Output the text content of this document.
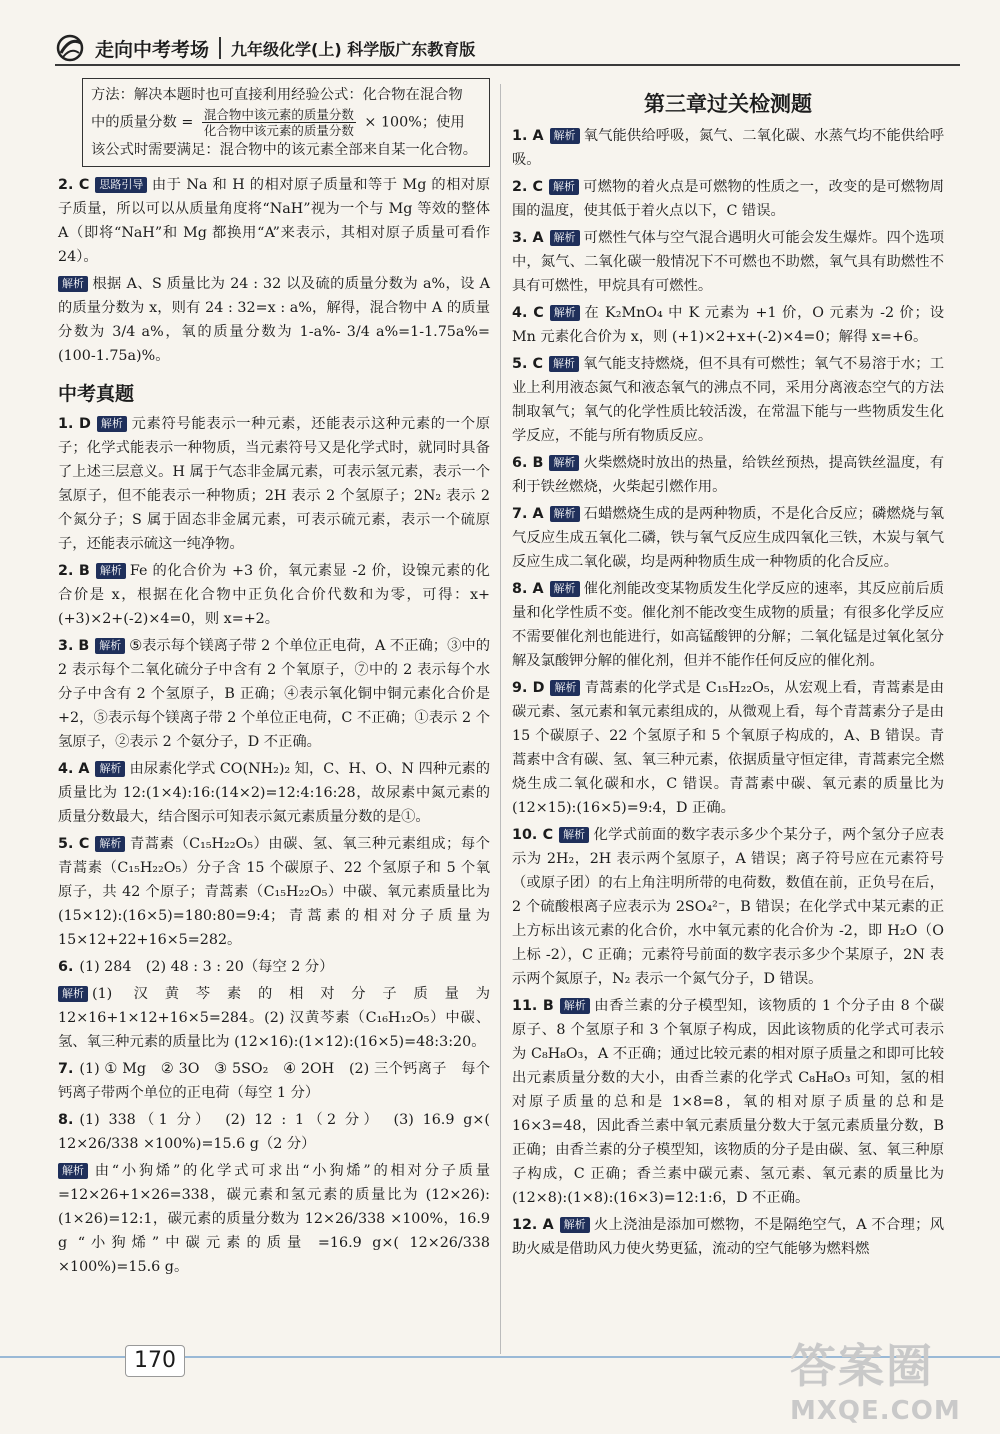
走向中考考场 九年级化学(上) 科学版广东教育版
方法：解决本题时也可直接利用经验公式：化合物在混合物
中的质量分数 = $\frac{\text{混合物中该元素的质量分数}}{\text{化合物中该元素的质量分数}} \times 100\%$；使用
该公式时需要满足：混合物中的该元素全部来自某一化合物。
2. C 思路引导 由于 Na 和 H 的相对原子质量和等于 Mg 的相对原子质量，所以可以从质量角度将“NaH”视为一个与 Mg 等效的整体 A（即将“NaH”和 Mg 都换用“A”来表示，其相对原子质量可看作 24）。
解析 根据 A、S 质量比为 24 : 32 以及硫的质量分数为 a%，设 A 的质量分数为 x，则有 24 : 32=x : a%，解得，混合物中 A 的质量分数为 3/4 a%，氧的质量分数为 1-a%- 3/4 a%=1-1.75a%=(100-1.75a)%。
中考真题
1. D 解析 元素符号能表示一种元素，还能表示这种元素的一个原子；化学式能表示一种物质，当元素符号又是化学式时，就同时具备了上述三层意义。H 属于气态非金属元素，可表示氢元素，表示一个氢原子，但不能表示一种物质；2H 表示 2 个氢原子；2N₂ 表示 2 个氮分子；S 属于固态非金属元素，可表示硫元素，表示一个硫原子，还能表示硫这一纯净物。
2. B 解析 Fe 的化合价为 +3 价，氧元素显 -2 价，设镍元素的化合价是 x，根据在化合物中正负化合价代数和为零，可得：x+(+3)×2+(-2)×4=0，则 x=+2。
3. B 解析 ⑤表示每个镁离子带 2 个单位正电荷，A 不正确；③中的 2 表示每个二氧化硫分子中含有 2 个氧原子，⑦中的 2 表示每个水分子中含有 2 个氢原子，B 正确；④表示氧化铜中铜元素化合价是 +2，⑤表示每个镁离子带 2 个单位正电荷，C 不正确；①表示 2 个氢原子，②表示 2 个氨分子，D 不正确。
4. A 解析 由尿素化学式 CO(NH₂)₂ 知，C、H、O、N 四种元素的质量比为 12:(1×4):16:(14×2)=12:4:16:28，故尿素中氮元素的质量分数最大，结合图示可知表示氮元素质量分数的是①。
5. C 解析 青蒿素（C₁₅H₂₂O₅）由碳、氢、氧三种元素组成；每个青蒿素（C₁₅H₂₂O₅）分子含 15 个碳原子、22 个氢原子和 5 个氧原子，共 42 个原子；青蒿素（C₁₅H₂₂O₅）中碳、氧元素质量比为 (15×12):(16×5)=180:80=9:4；青蒿素的相对分子质量为 15×12+22+16×5=282。
6. (1) 284　(2) 48 : 3 : 20（每空 2 分）
解析 (1) 汉黄芩素的相对分子质量为 12×16+1×12+16×5=284。(2) 汉黄芩素（C₁₆H₁₂O₅）中碳、氢、氧三种元素的质量比为 (12×16):(1×12):(16×5)=48:3:20。
7. (1) ① Mg　② 3O　③ 5SO₂　④ 2OH　(2) 三个钙离子　每个钙离子带两个单位的正电荷（每空 1 分）
8. (1) 338（1 分）　(2) 12 : 1（2 分）　(3) 16.9 g×( 12×26/338 ×100%)=15.6 g（2 分）
解析 由“小狗烯”的化学式可求出“小狗烯”的相对分子质量=12×26+1×26=338，碳元素和氢元素的质量比为 (12×26):(1×26)=12:1，碳元素的质量分数为 12×26/338 ×100%，16.9 g “小狗烯”中碳元素的质量 =16.9 g×( 12×26/338 ×100%)=15.6 g。
第三章过关检测题
1. A 解析 氧气能供给呼吸，氮气、二氧化碳、水蒸气均不能供给呼吸。
2. C 解析 可燃物的着火点是可燃物的性质之一，改变的是可燃物周围的温度，使其低于着火点以下，C 错误。
3. A 解析 可燃性气体与空气混合遇明火可能会发生爆炸。四个选项中，氮气、二氧化碳一般情况下不可燃也不助燃，氧气具有助燃性不具有可燃性，甲烷具有可燃性。
4. C 解析 在 K₂MnO₄ 中 K 元素为 +1 价，O 元素为 -2 价；设 Mn 元素化合价为 x，则 (+1)×2+x+(-2)×4=0；解得 x=+6。
5. C 解析 氧气能支持燃烧，但不具有可燃性；氧气不易溶于水；工业上利用液态氮气和液态氧气的沸点不同，采用分离液态空气的方法制取氧气；氧气的化学性质比较活泼，在常温下能与一些物质发生化学反应，不能与所有物质反应。
6. B 解析 火柴燃烧时放出的热量，给铁丝预热，提高铁丝温度，有利于铁丝燃烧，火柴起引燃作用。
7. A 解析 石蜡燃烧生成的是两种物质，不是化合反应；磷燃烧与氧气反应生成五氧化二磷，铁与氧气反应生成四氧化三铁，木炭与氧气反应生成二氧化碳，均是两种物质生成一种物质的化合反应。
8. A 解析 催化剂能改变某物质发生化学反应的速率，其反应前后质量和化学性质不变。催化剂不能改变生成物的质量；有很多化学反应不需要催化剂也能进行，如高锰酸钾的分解；二氧化锰是过氧化氢分解及氯酸钾分解的催化剂，但并不能作任何反应的催化剂。
9. D 解析 青蒿素的化学式是 C₁₅H₂₂O₅，从宏观上看，青蒿素是由碳元素、氢元素和氧元素组成的，从微观上看，每个青蒿素分子是由 15 个碳原子、22 个氢原子和 5 个氧原子构成的，A、B 错误。青蒿素中含有碳、氢、氧三种元素，依据质量守恒定律，青蒿素完全燃烧生成二氧化碳和水，C 错误。青蒿素中碳、氧元素的质量比为 (12×15):(16×5)=9:4，D 正确。
10. C 解析 化学式前面的数字表示多少个某分子，两个氢分子应表示为 2H₂，2H 表示两个氢原子，A 错误；离子符号应在元素符号（或原子团）的右上角注明所带的电荷数，数值在前，正负号在后，2 个硫酸根离子应表示为 2SO₄²⁻，B 错误；在化学式中某元素的正上方标出该元素的化合价，水中氧元素的化合价为 -2，即 H₂O（O 上标 -2），C 正确；元素符号前面的数字表示多少个某原子，2N 表示两个氮原子，N₂ 表示一个氮气分子，D 错误。
11. B 解析 由香兰素的分子模型知，该物质的 1 个分子由 8 个碳原子、8 个氢原子和 3 个氧原子构成，因此该物质的化学式可表示为 C₈H₈O₃，A 不正确；通过比较元素的相对原子质量之和即可比较出元素质量分数的大小，由香兰素的化学式 C₈H₈O₃ 可知，氢的相对原子质量的总和是 1×8=8，氧的相对原子质量的总和是 16×3=48，因此香兰素中氧元素质量分数大于氢元素质量分数，B 正确；由香兰素的分子模型知，该物质的分子是由碳、氢、氧三种原子构成，C 正确；香兰素中碳元素、氢元素、氧元素的质量比为 (12×8):(1×8):(16×3)=12:1:6，D 不正确。
12. A 解析 火上浇油是添加可燃物，不是隔绝空气，A 不合理；风助火威是借助风力使火势更猛，流动的空气能够为燃料燃
170	答案圈
MXQE.COM
